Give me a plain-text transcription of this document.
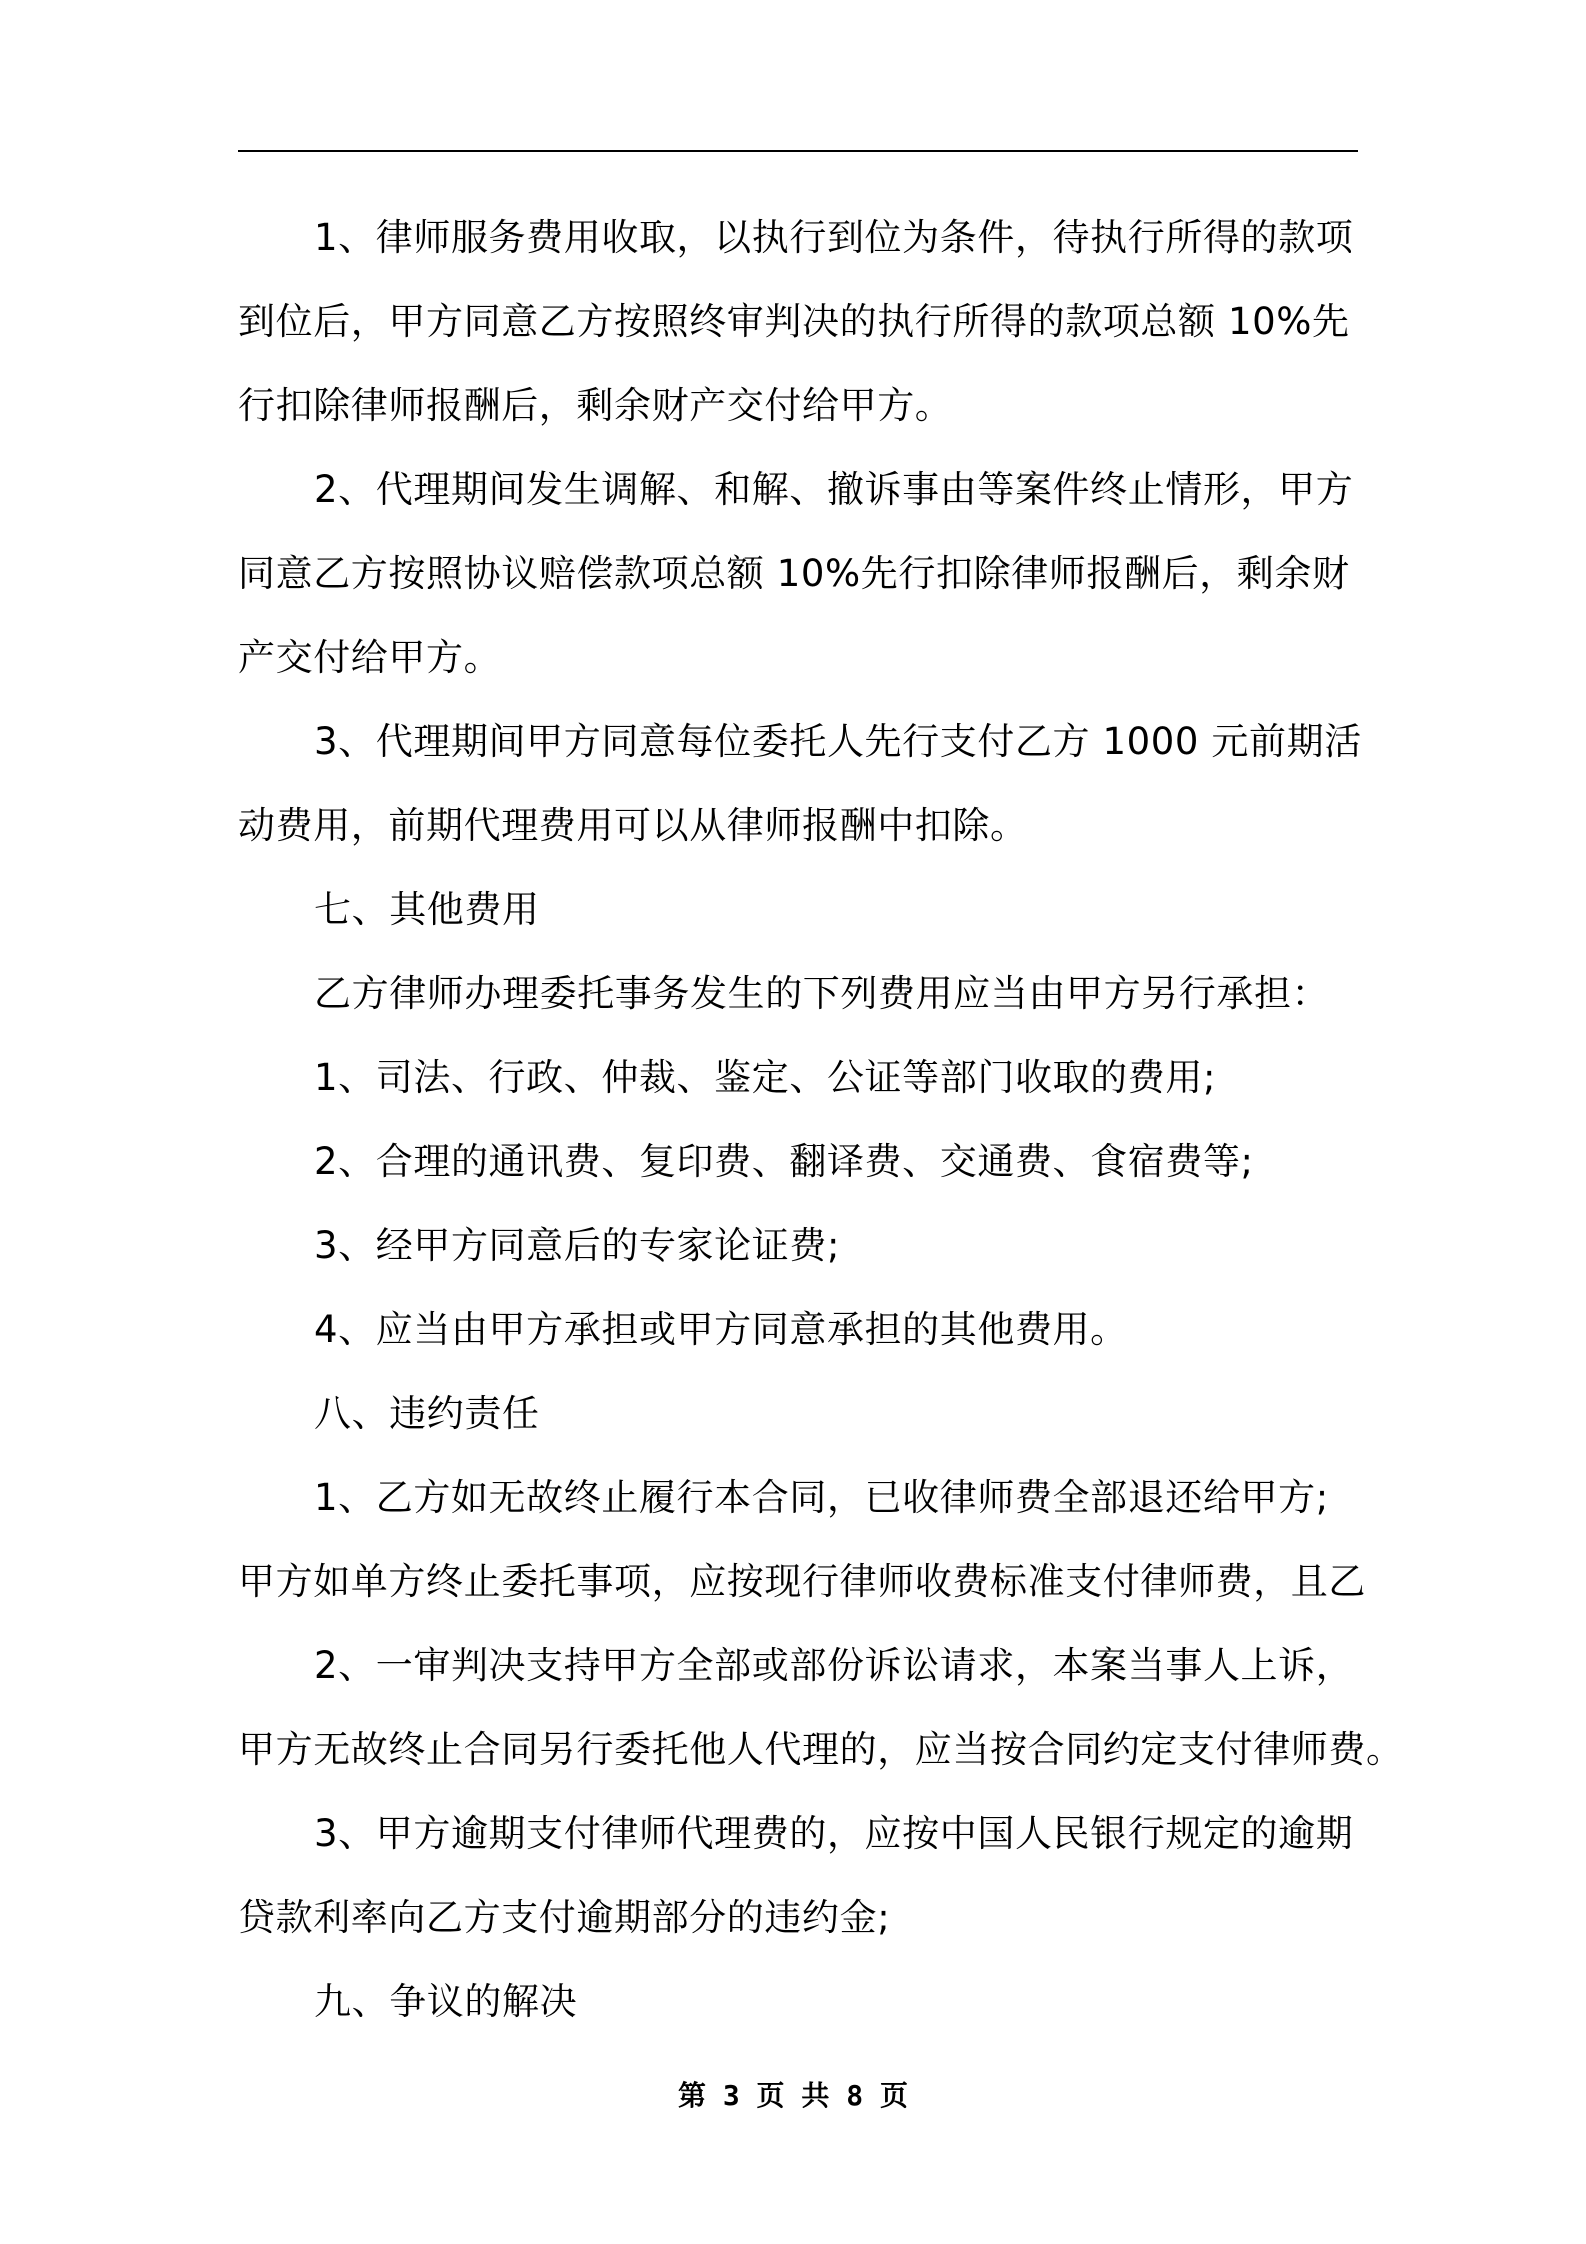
1、律师服务费用收取，以执行到位为条件，待执行所得的款项
到位后，甲方同意乙方按照终审判决的执行所得的款项总额 10%先
行扣除律师报酬后，剩余财产交付给甲方。

2、代理期间发生调解、和解、撤诉事由等案件终止情形，甲方
同意乙方按照协议赔偿款项总额 10%先行扣除律师报酬后，剩余财
产交付给甲方。

3、代理期间甲方同意每位委托人先行支付乙方 1000 元前期活
动费用，前期代理费用可以从律师报酬中扣除。

七、其他费用

乙方律师办理委托事务发生的下列费用应当由甲方另行承担：

1、司法、行政、仲裁、鉴定、公证等部门收取的费用;

2、合理的通讯费、复印费、翻译费、交通费、食宿费等;

3、经甲方同意后的专家论证费;

4、应当由甲方承担或甲方同意承担的其他费用。

八、违约责任

1、乙方如无故终止履行本合同，已收律师费全部退还给甲方;
甲方如单方终止委托事项，应按现行律师收费标准支付律师费，且乙

2、一审判决支持甲方全部或部份诉讼请求，本案当事人上诉，
甲方无故终止合同另行委托他人代理的，应当按合同约定支付律师费。

3、甲方逾期支付律师代理费的，应按中国人民银行规定的逾期
贷款利率向乙方支付逾期部分的违约金;

九、争议的解决

第 3 页 共 8 页
